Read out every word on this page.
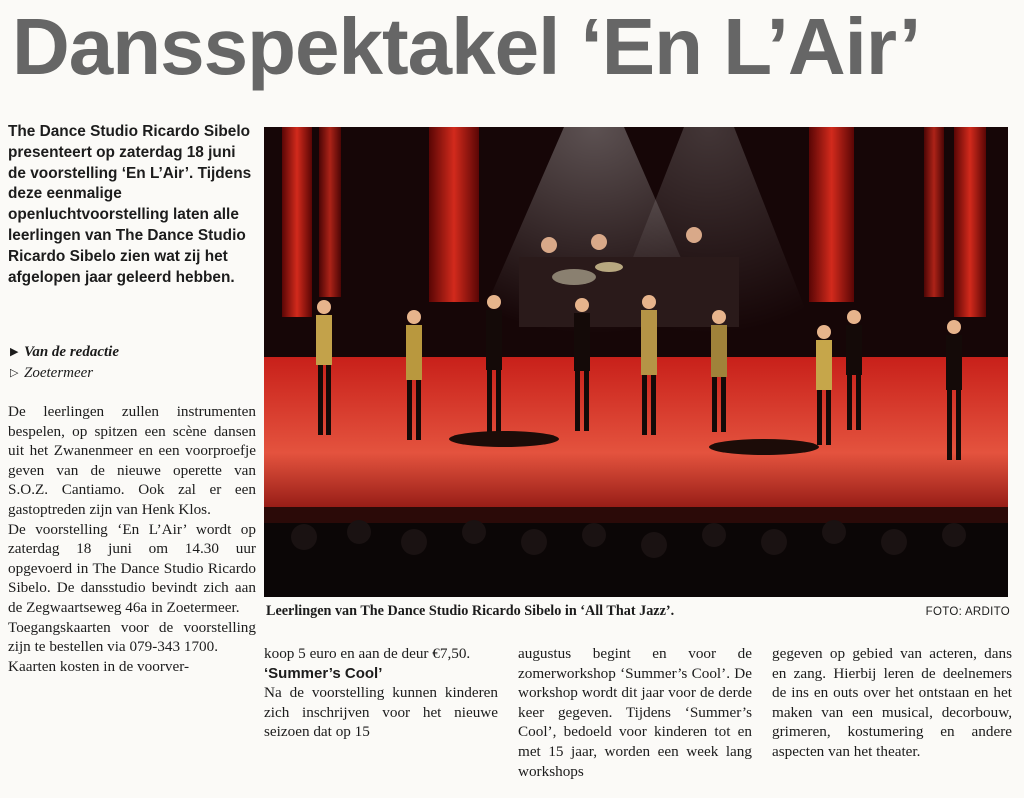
Dansspektakel ‘En L’Air’

The Dance Studio Ricardo Sibelo presenteert op zaterdag 18 juni de voorstelling ‘En L’Air’. Tijdens deze eenmalige openluchtvoorstelling laten alle leerlingen van The Dance Studio Ricardo Sibelo zien wat zij het afgelopen jaar geleerd hebben.

▶ Van de redactie
▷ Zoetermeer

De leerlingen zullen instrumenten bespelen, op spitzen een scène dansen uit het Zwanenmeer en een voorproefje geven van de nieuwe operette van S.O.Z. Cantiamo. Ook zal er een gastoptreden zijn van Henk Klos.

De voorstelling ‘En L’Air’ wordt op zaterdag 18 juni om 14.30 uur opgevoerd in The Dance Studio Ricardo Sibelo. De dansstudio bevindt zich aan de Zegwaartseweg 46a in Zoetermeer.

Toegangskaarten voor de voorstelling zijn te bestellen via 079-343 1700.

Kaarten kosten in de voorver-

Leerlingen van The Dance Studio Ricardo Sibelo in ‘All That Jazz’.	FOTO: ARDITO

koop 5 euro en aan de deur €7,50.

‘Summer’s Cool’

Na de voorstelling kunnen kinderen zich inschrijven voor het nieuwe seizoen dat op 15

augustus begint en voor de zomerworkshop ‘Summer’s Cool’. De workshop wordt dit jaar voor de derde keer gegeven. Tijdens ‘Summer’s Cool’, bedoeld voor kinderen tot en met 15 jaar, worden een week lang workshops

gegeven op gebied van acteren, dans en zang. Hierbij leren de deelnemers de ins en outs over het ontstaan en het maken van een musical, decorbouw, grimeren, kostumering en andere aspecten van het theater.
